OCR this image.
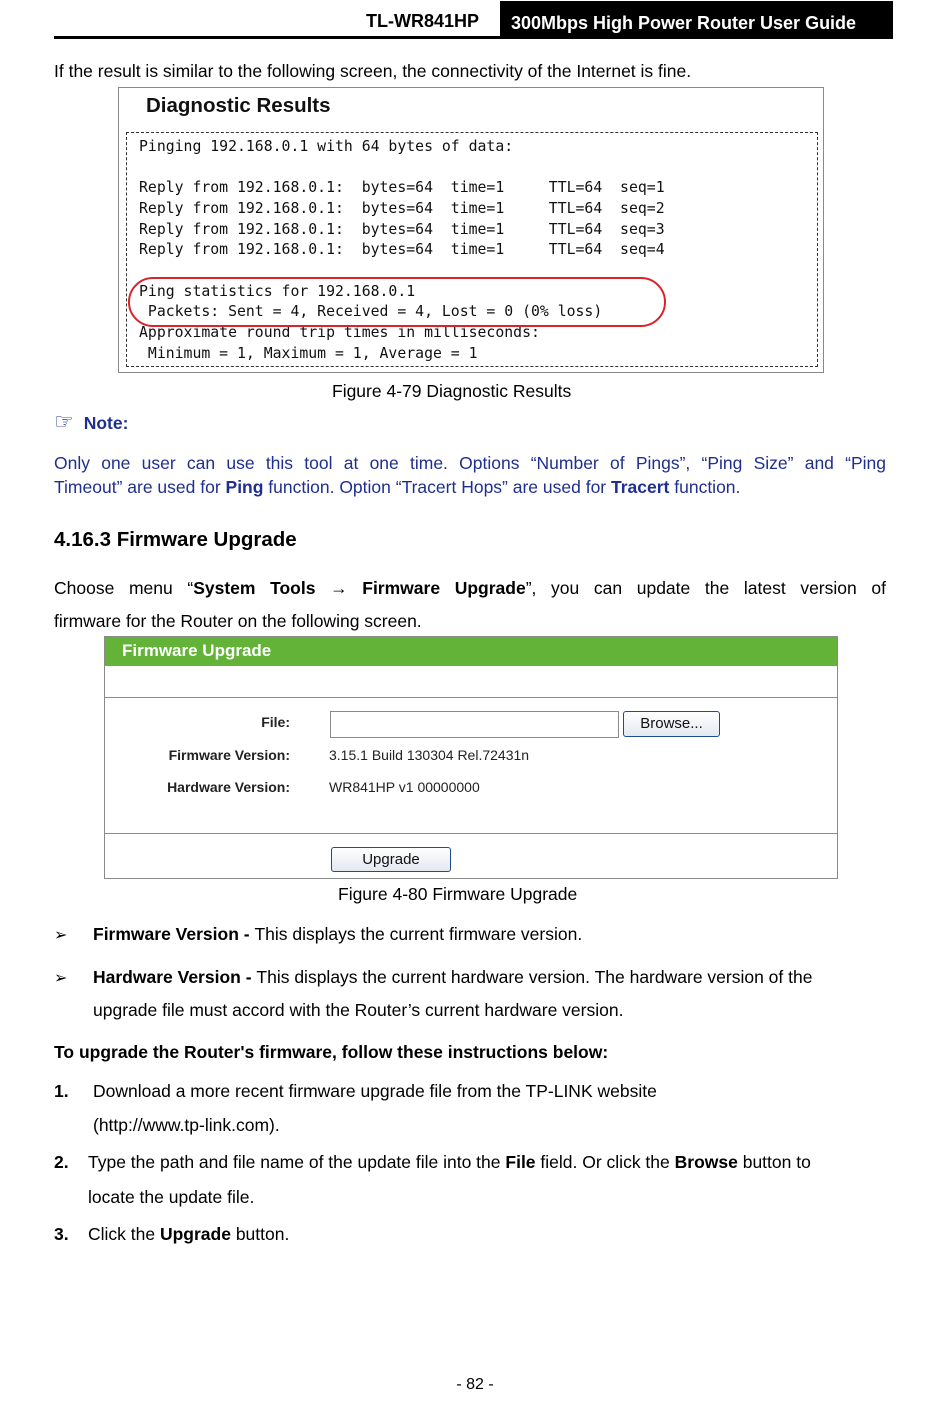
TL-WR841HP	300Mbps High Power Router User Guide
If the result is similar to the following screen, the connectivity of the Internet is fine.
Diagnostic Results
Pinging 192.168.0.1 with 64 bytes of data:
Reply from 192.168.0.1:  bytes=64  time=1     TTL=64  seq=1
Reply from 192.168.0.1:  bytes=64  time=1     TTL=64  seq=2
Reply from 192.168.0.1:  bytes=64  time=1     TTL=64  seq=3
Reply from 192.168.0.1:  bytes=64  time=1     TTL=64  seq=4
Ping statistics for 192.168.0.1
Packets: Sent = 4, Received = 4, Lost = 0 (0% loss)
Approximate round trip times in milliseconds:
Minimum = 1, Maximum = 1, Average = 1
Figure 4-79 Diagnostic Results
☞ Note:
Only one user can use this tool at one time. Options “Number of Pings”, “Ping Size” and “Ping
Timeout” are used for Ping function. Option “Tracert Hops” are used for Tracert function.
4.16.3 Firmware Upgrade
Choose menu “System Tools → Firmware Upgrade”, you can update the latest version of
firmware for the Router on the following screen.
Firmware Upgrade
File:	Browse...
Firmware Version:	3.15.1 Build 130304 Rel.72431n
Hardware Version:	WR841HP v1 00000000
Upgrade
Figure 4-80 Firmware Upgrade
➢ Firmware Version - This displays the current firmware version.
➢ Hardware Version - This displays the current hardware version. The hardware version of the
upgrade file must accord with the Router’s current hardware version.
To upgrade the Router's firmware, follow these instructions below:
1. Download a more recent firmware upgrade file from the TP-LINK website
(http://www.tp-link.com).
2. Type the path and file name of the update file into the File field. Or click the Browse button to
locate the update file.
3. Click the Upgrade button.
- 82 -
